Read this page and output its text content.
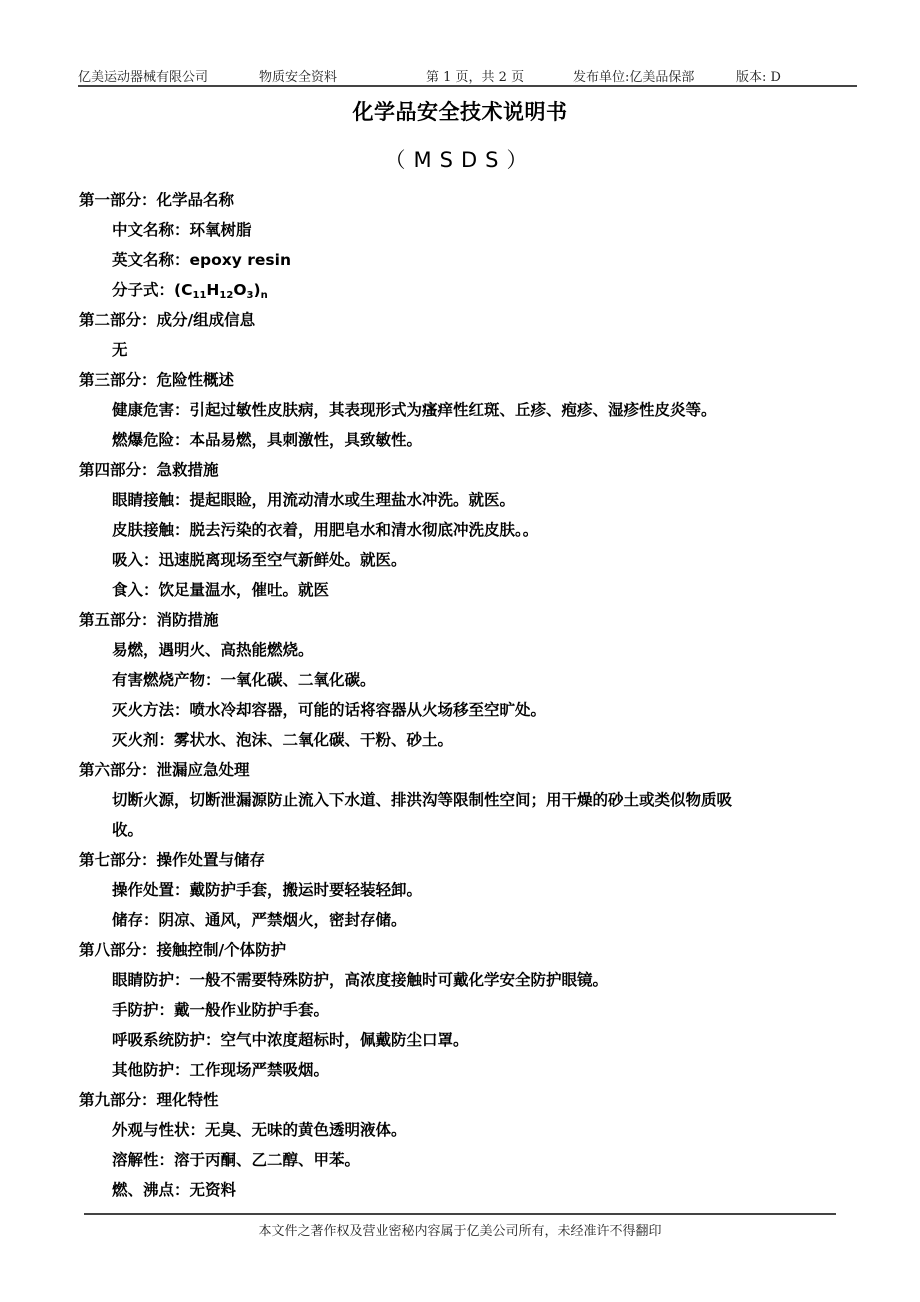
亿美运动器械有限公司	物质安全资料	第 1 页，共 2 页	发布单位:亿美品保部	版本: D
化学品安全技术说明书
（MSDS）
第一部分：化学品名称
中文名称：环氧树脂
英文名称：epoxy resin
分子式：$(C_{11}H_{12}O_3)_n$
第二部分：成分/组成信息
无
第三部分：危险性概述
健康危害：引起过敏性皮肤病，其表现形式为瘙痒性红斑、丘疹、疱疹、湿疹性皮炎等。
燃爆危险：本品易燃，具刺激性，具致敏性。
第四部分：急救措施
眼睛接触：提起眼睑，用流动清水或生理盐水冲洗。就医。
皮肤接触：脱去污染的衣着，用肥皂水和清水彻底冲洗皮肤。。
吸入：迅速脱离现场至空气新鲜处。就医。
食入：饮足量温水，催吐。就医
第五部分：消防措施
易燃，遇明火、高热能燃烧。
有害燃烧产物：一氧化碳、二氧化碳。
灭火方法：喷水冷却容器，可能的话将容器从火场移至空旷处。
灭火剂：雾状水、泡沫、二氧化碳、干粉、砂土。
第六部分：泄漏应急处理
切断火源，切断泄漏源防止流入下水道、排洪沟等限制性空间；用干燥的砂土或类似物质吸
收。
第七部分：操作处置与储存
操作处置：戴防护手套，搬运时要轻装轻卸。
储存：阴凉、通风，严禁烟火，密封存储。
第八部分：接触控制/个体防护
眼睛防护：一般不需要特殊防护，高浓度接触时可戴化学安全防护眼镜。
手防护：戴一般作业防护手套。
呼吸系统防护：空气中浓度超标时，佩戴防尘口罩。
其他防护：工作现场严禁吸烟。
第九部分：理化特性
外观与性状：无臭、无味的黄色透明液体。
溶解性：溶于丙酮、乙二醇、甲苯。
燃、沸点：无资料
本文件之著作权及营业密秘内容属于亿美公司所有，未经准许不得翻印
